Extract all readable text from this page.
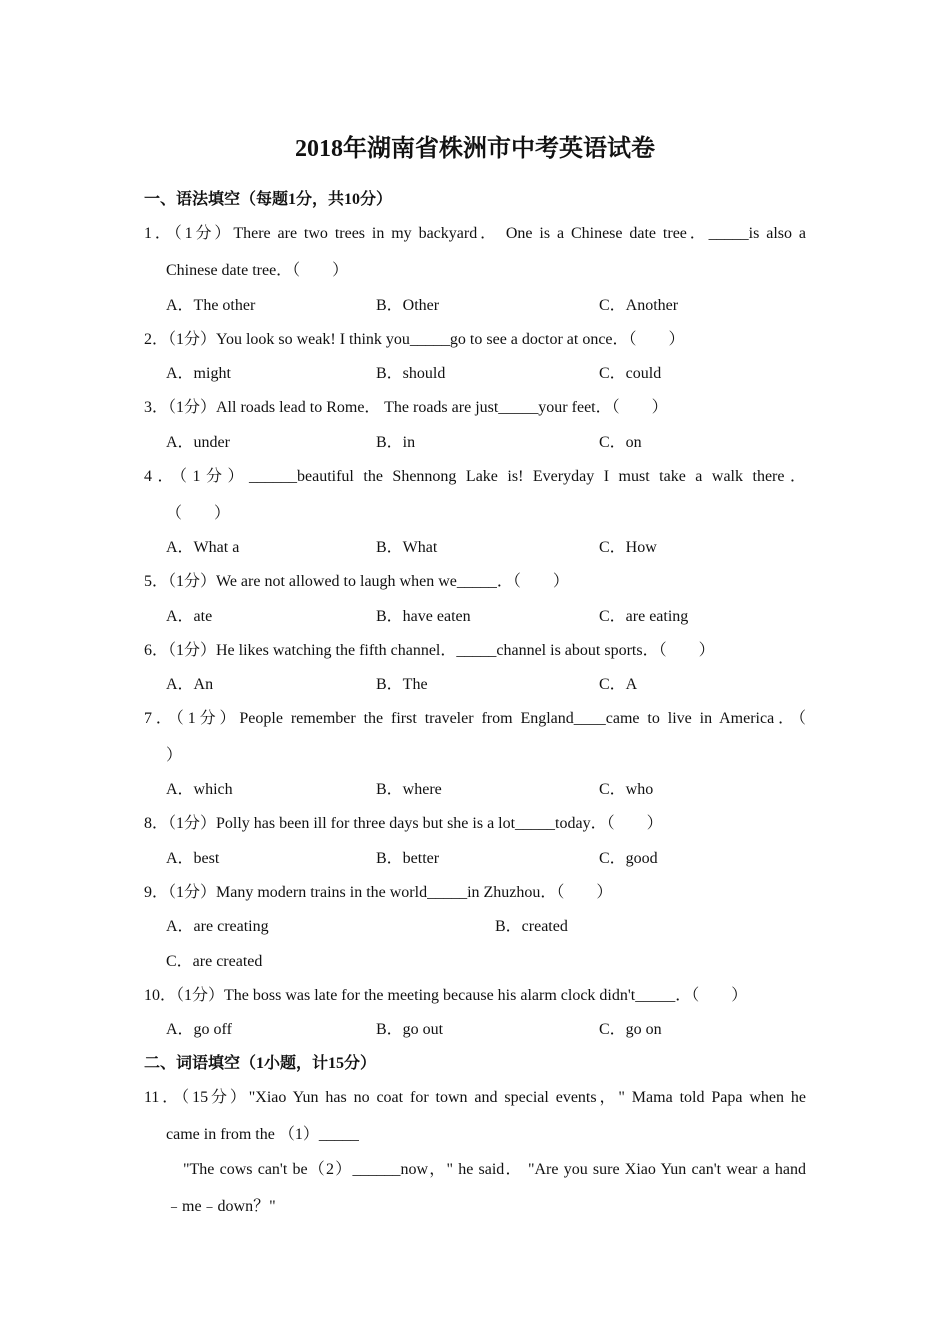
2018年湖南省株洲市中考英语试卷
一、语法填空（每题1分，共10分）
1．（1分）There are two trees in my backyard． One is a Chinese date tree．_____is also a
Chinese date tree．（　　）
A．The other	B．Other	C．Another
2．（1分）You look so weak! I think you_____go to see a doctor at once．（　　）
A．might	B．should	C．could
3．（1分）All roads lead to Rome． The roads are just_____your feet．（　　）
A．under	B．in	C．on
4．（1分）______beautiful the Shennong Lake is! Everyday I must take a walk there．
（　　）
A．What a	B．What	C．How
5．（1分）We are not allowed to laugh when we_____．（　　）
A．ate	B．have eaten	C．are eating
6．（1分）He likes watching the fifth channel．_____channel is about sports．（　　）
A．An	B．The	C．A
7．（1分）People remember the first traveler from England____came to live in America．（
）
A．which	B．where	C．who
8．（1分）Polly has been ill for three days but she is a lot_____today．（　　）
A．best	B．better	C．good
9．（1分）Many modern trains in the world_____in Zhuzhou．（　　）
A．are creating	B．created
C．are created
10．（1分）The boss was late for the meeting because his alarm clock didn't_____．（　　）
A．go off	B．go out	C．go on
二、词语填空（1小题，计15分）
11．（15分）"Xiao Yun has no coat for town and special events，" Mama told Papa when he
came in from the （1）_____
"The cows can't be（2）______now，" he said． "Are you sure Xiao Yun can't wear a hand
﹣me﹣down？"
